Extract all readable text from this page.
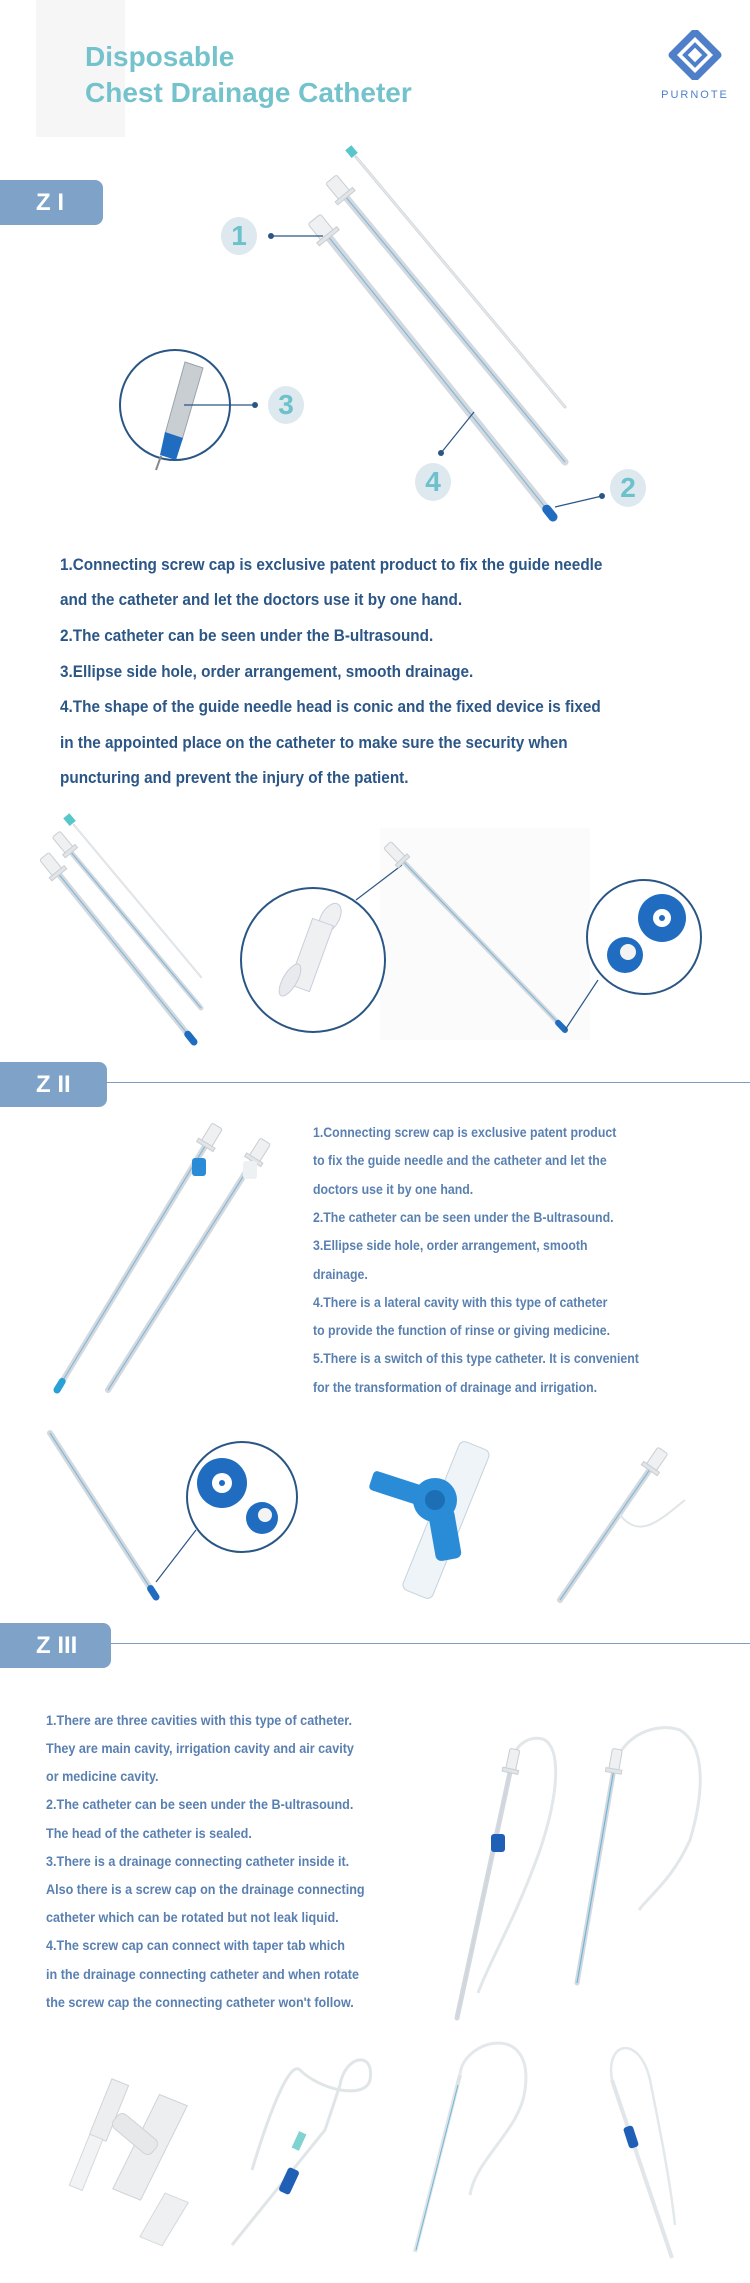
Disposable
Chest Drainage Catheter	PURNOTE
Z I
1
2
3
4
1.Connecting screw cap is exclusive patent product to fix the guide needle
and the catheter and let the doctors use it by one hand.
2.The catheter can be seen under the B-ultrasound.
3.Ellipse side hole, order arrangement, smooth drainage.
4.The shape of the guide needle head is conic and the fixed device is fixed
in the appointed place on the catheter to make sure the security when
puncturing and prevent the injury of the patient.
Z II
1.Connecting screw cap is exclusive patent product
to fix the guide needle and the catheter and let the
doctors use it by one hand.
2.The catheter can be seen under the B-ultrasound.
3.Ellipse side hole, order arrangement, smooth
drainage.
4.There is a lateral cavity with this type of catheter
to provide the function of rinse or giving medicine.
5.There is a switch of this type catheter. It is convenient
for the transformation of drainage and irrigation.
Z III
1.There are three cavities with this type of catheter.
They are main cavity, irrigation cavity and air cavity
or medicine cavity.
2.The catheter can be seen under the B-ultrasound.
The head of the catheter is sealed.
3.There is a drainage connecting catheter inside it.
Also there is a screw cap on the drainage connecting
catheter which can be rotated but not leak liquid.
4.The screw cap can connect with taper tab which
in the drainage connecting catheter and when rotate
the screw cap the connecting catheter won't follow.
